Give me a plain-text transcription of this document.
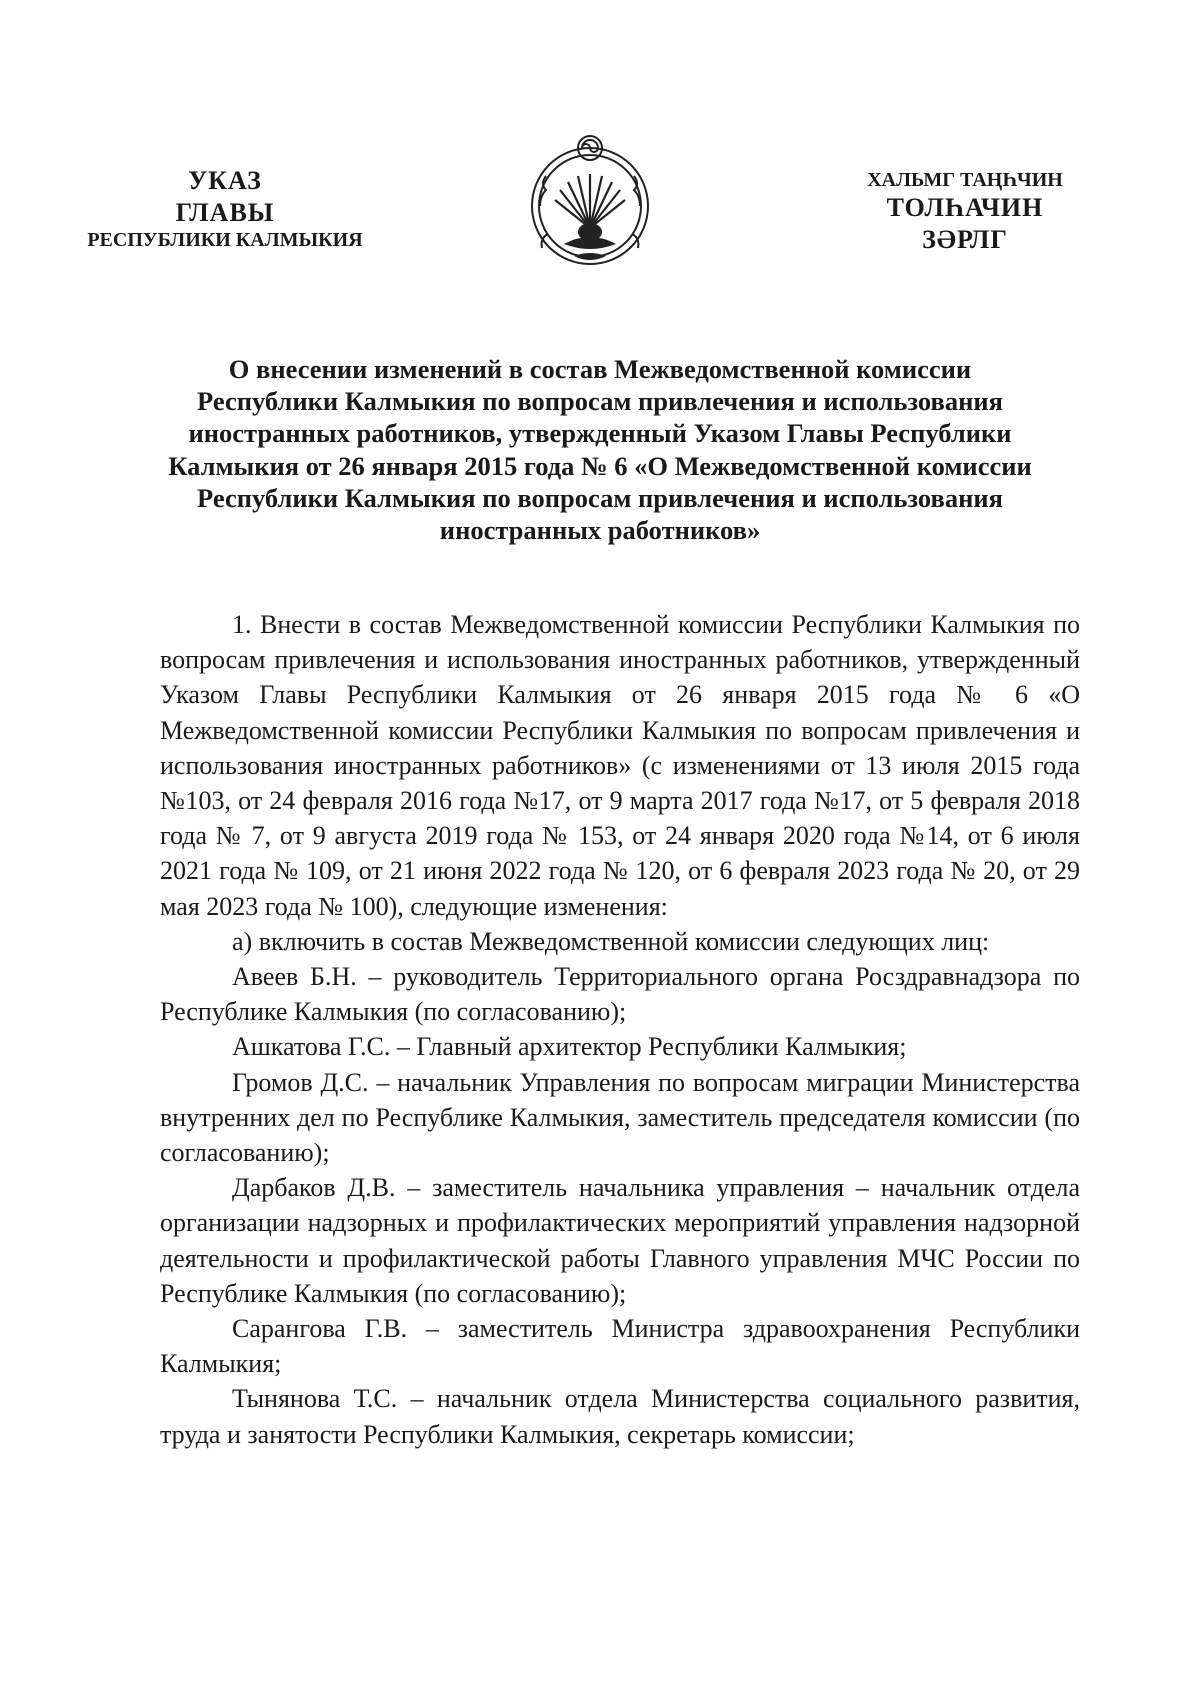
УКАЗ
ГЛАВЫ
РЕСПУБЛИКИ КАЛМЫКИЯ
ХАЛЬМГ ТАҢҺЧИН
ТОЛҺАЧИН
ЗӘРЛГ
О внесении изменений в состав Межведомственной комиссии Республики Калмыкия по вопросам привлечения и использования иностранных работников, утвержденный Указом Главы Республики Калмыкия от 26 января 2015 года № 6 «О Межведомственной комиссии Республики Калмыкия по вопросам привлечения и использования иностранных работников»

1. Внести в состав Межведомственной комиссии Республики Калмыкия по вопросам привлечения и использования иностранных работников, утвержденный Указом Главы Республики Калмыкия от 26 января 2015 года № 6 «О Межведомственной комиссии Республики Калмыкия по вопросам привлечения и использования иностранных работников» (с изменениями от 13 июля 2015 года №103, от 24 февраля 2016 года №17, от 9 марта 2017 года №17, от 5 февраля 2018 года № 7, от 9 августа 2019 года № 153, от 24 января 2020 года №14, от 6 июля 2021 года № 109, от 21 июня 2022 года № 120, от 6 февраля 2023 года № 20, от 29 мая 2023 года № 100), следующие изменения:

а) включить в состав Межведомственной комиссии следующих лиц:

Авеев Б.Н. – руководитель Территориального органа Росздравнадзора по Республике Калмыкия (по согласованию);

Ашкатова Г.С. – Главный архитектор Республики Калмыкия;

Громов Д.С. – начальник Управления по вопросам миграции Министерства внутренних дел по Республике Калмыкия, заместитель председателя комиссии (по согласованию);

Дарбаков Д.В. – заместитель начальника управления – начальник отдела организации надзорных и профилактических мероприятий управления надзорной деятельности и профилактической работы Главного управления МЧС России по Республике Калмыкия (по согласованию);

Сарангова Г.В. – заместитель Министра здравоохранения Республики Калмыкия;

Тынянова Т.С. – начальник отдела Министерства социального развития, труда и занятости Республики Калмыкия, секретарь комиссии;
